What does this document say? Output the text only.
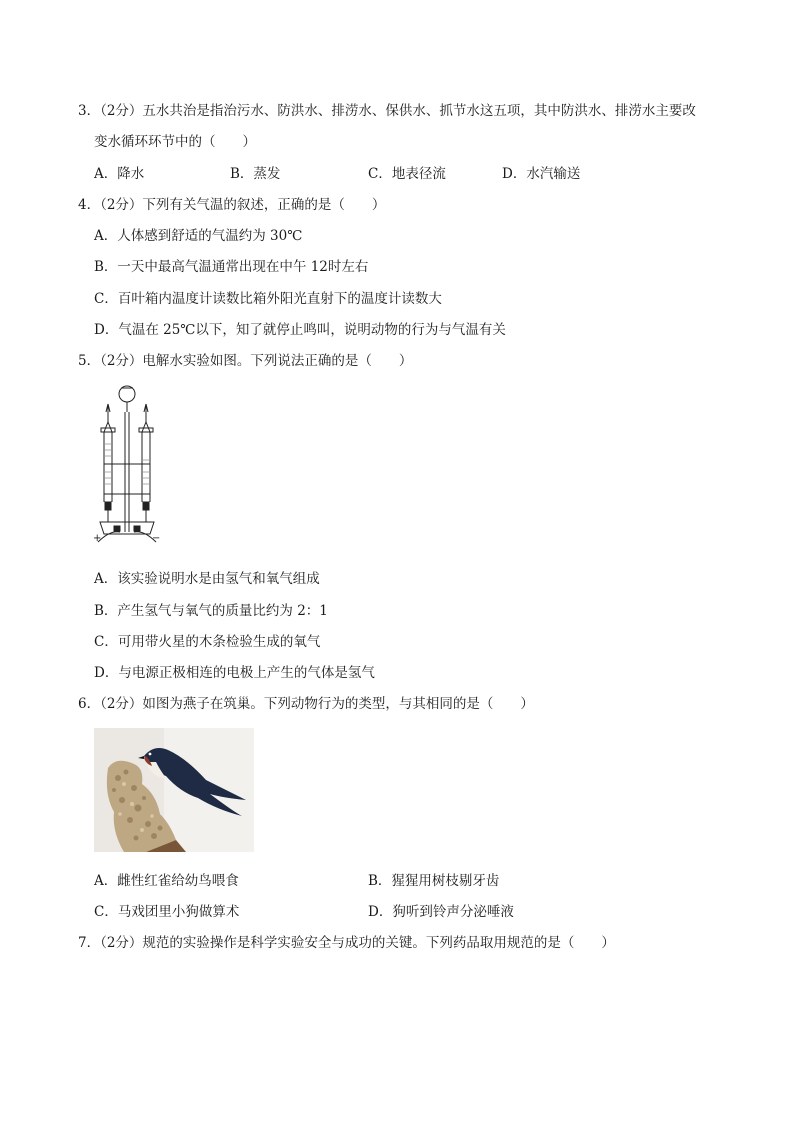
3．（2分）五水共治是指治污水、防洪水、排涝水、保供水、抓节水这五项，其中防洪水、排涝水主要改
变水循环环节中的（　　）
A．降水	B．蒸发	C．地表径流	D．水汽输送
4．（2分）下列有关气温的叙述，正确的是（　　）
A．人体感到舒适的气温约为 30℃
B．一天中最高气温通常出现在中午 12时左右
C．百叶箱内温度计读数比箱外阳光直射下的温度计读数大
D．气温在 25℃以下，知了就停止鸣叫，说明动物的行为与气温有关
5．（2分）电解水实验如图。下列说法正确的是（　　）
+	−
A．该实验说明水是由氢气和氧气组成
B．产生氢气与氧气的质量比约为 2：1
C．可用带火星的木条检验生成的氧气
D．与电源正极相连的电极上产生的气体是氢气
6．（2分）如图为燕子在筑巢。下列动物行为的类型，与其相同的是（　　）
A．雌性红雀给幼鸟喂食	B．猩猩用树枝剔牙齿
C．马戏团里小狗做算术	D．狗听到铃声分泌唾液
7．（2分）规范的实验操作是科学实验安全与成功的关键。下列药品取用规范的是（　　）
